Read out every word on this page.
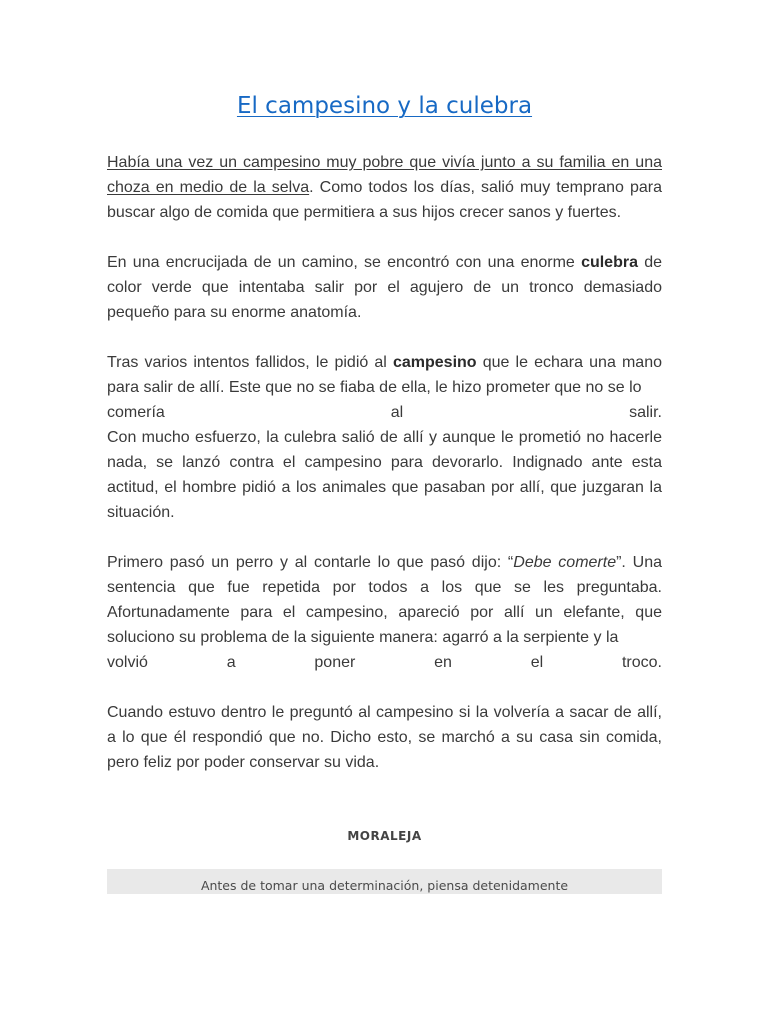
El campesino y la culebra

Había una vez un campesino muy pobre que vivía junto a su familia en una choza en medio de la selva. Como todos los días, salió muy temprano para buscar algo de comida que permitiera a sus hijos crecer sanos y fuertes.

En una encrucijada de un camino, se encontró con una enorme culebra de color verde que intentaba salir por el agujero de un tronco demasiado pequeño para su enorme anatomía.

Tras varios intentos fallidos, le pidió al campesino que le echara una mano para salir de allí. Este que no se fiaba de ella, le hizo prometer que no se lo
comería al salir.
Con mucho esfuerzo, la culebra salió de allí y aunque le prometió no hacerle nada, se lanzó contra el campesino para devorarlo. Indignado ante esta actitud, el hombre pidió a los animales que pasaban por allí, que juzgaran la situación.

Primero pasó un perro y al contarle lo que pasó dijo: “Debe comerte”. Una sentencia que fue repetida por todos a los que se les preguntaba. Afortunadamente para el campesino, apareció por allí un elefante, que soluciono su problema de la siguiente manera: agarró a la serpiente y la
volvió a poner en el troco.

Cuando estuvo dentro le preguntó al campesino si la volvería a sacar de allí, a lo que él respondió que no. Dicho esto, se marchó a su casa sin comida, pero feliz por poder conservar su vida.

MORALEJA
Antes de tomar una determinación, piensa detenidamente
